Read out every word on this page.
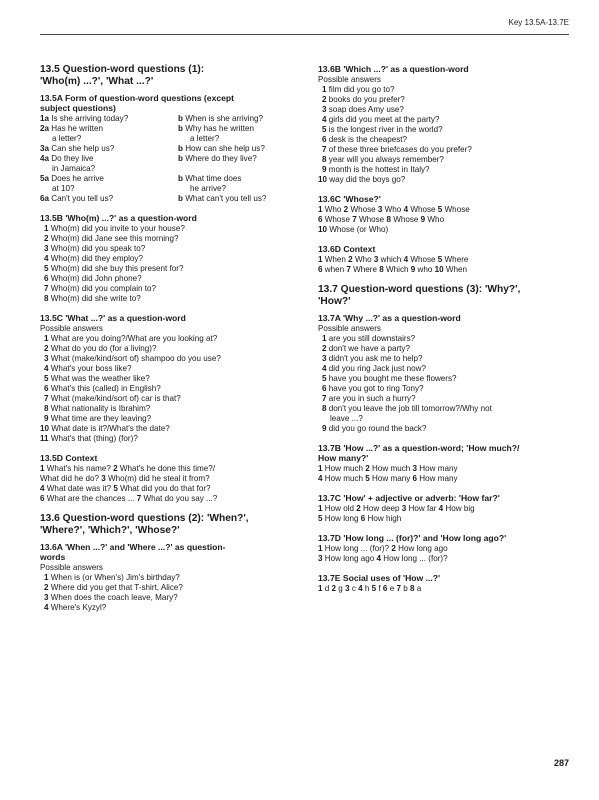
Key 13.5A-13.7E
13.5 Question-word questions (1):
'Who(m) ...?', 'What ...?'
13.5A Form of question-word questions (except
subject questions)
1a Is she arriving today?	b When is she arriving?
2a Has he written
a letter?
b Why has he written
a letter?
3a Can she help us?	b How can she help us?
4a Do they live
in Jamaica?
b Where do they live?
5a Does he arrive
at 10?
b What time does
he arrive?
6a Can't you tell us?	b What can't you tell us?
13.5B 'Who(m) ...?' as a question-word
1 Who(m) did you invite to your house?
2 Who(m) did Jane see this morning?
3 Who(m) did you speak to?
4 Who(m) did they employ?
5 Who(m) did she buy this present for?
6 Who(m) did John phone?
7 Who(m) did you complain to?
8 Who(m) did she write to?
13.5C 'What ...?' as a question-word
Possible answers
1 What are you doing?/What are you looking at?
2 What do you do (for a living)?
3 What (make/kind/sort of) shampoo do you use?
4 What's your boss like?
5 What was the weather like?
6 What's this (called) in English?
7 What (make/kind/sort of) car is that?
8 What nationality is Ibrahim?
9 What time are they leaving?
10 What date is it?/What's the date?
11 What's that (thing) (for)?
13.5D Context
1 What's his name? 2 What's he done this time?/
What did he do? 3 Who(m) did he steal it from?
4 What date was it? 5 What did you do that for?
6 What are the chances ... 7 What do you say ...?
13.6 Question-word questions (2): 'When?',
'Where?', 'Which?', 'Whose?'
13.6A 'When ...?' and 'Where ...?' as question-
words
Possible answers
1 When is (or When's) Jim's birthday?
2 Where did you get that T-shirt, Alice?
3 When does the coach leave, Mary?
4 Where's Kyzyl?
13.6B 'Which ...?' as a question-word
Possible answers
1 film did you go to?
2 books do you prefer?
3 soap does Amy use?
4 girls did you meet at the party?
5 is the longest river in the world?
6 desk is the cheapest?
7 of these three briefcases do you prefer?
8 year will you always remember?
9 month is the hottest in Italy?
10 way did the boys go?
13.6C 'Whose?'
1 Who 2 Whose 3 Who 4 Whose 5 Whose
6 Whose 7 Whose 8 Whose 9 Who
10 Whose (or Who)
13.6D Context
1 When 2 Who 3 which 4 Whose 5 Where
6 when 7 Where 8 Which 9 who 10 When
13.7 Question-word questions (3): 'Why?',
'How?'
13.7A 'Why ...?' as a question-word
Possible answers
1 are you still downstairs?
2 don't we have a party?
3 didn't you ask me to help?
4 did you ring Jack just now?
5 have you bought me these flowers?
6 have you got to ring Tony?
7 are you in such a hurry?
8 don't you leave the job till tomorrow?/Why not
leave ...?
9 did you go round the back?
13.7B 'How ...?' as a question-word; 'How much?/
How many?'
1 How much 2 How much 3 How many
4 How much 5 How many 6 How many
13.7C 'How' + adjective or adverb: 'How far?'
1 How old 2 How deep 3 How far 4 How big
5 How long 6 How high
13.7D 'How long ... (for)?' and 'How long ago?'
1 How long ... (for)? 2 How long ago
3 How long ago 4 How long ... (for)?
13.7E Social uses of 'How ...?'
1 d 2 g 3 c 4 h 5 f 6 e 7 b 8 a
287
